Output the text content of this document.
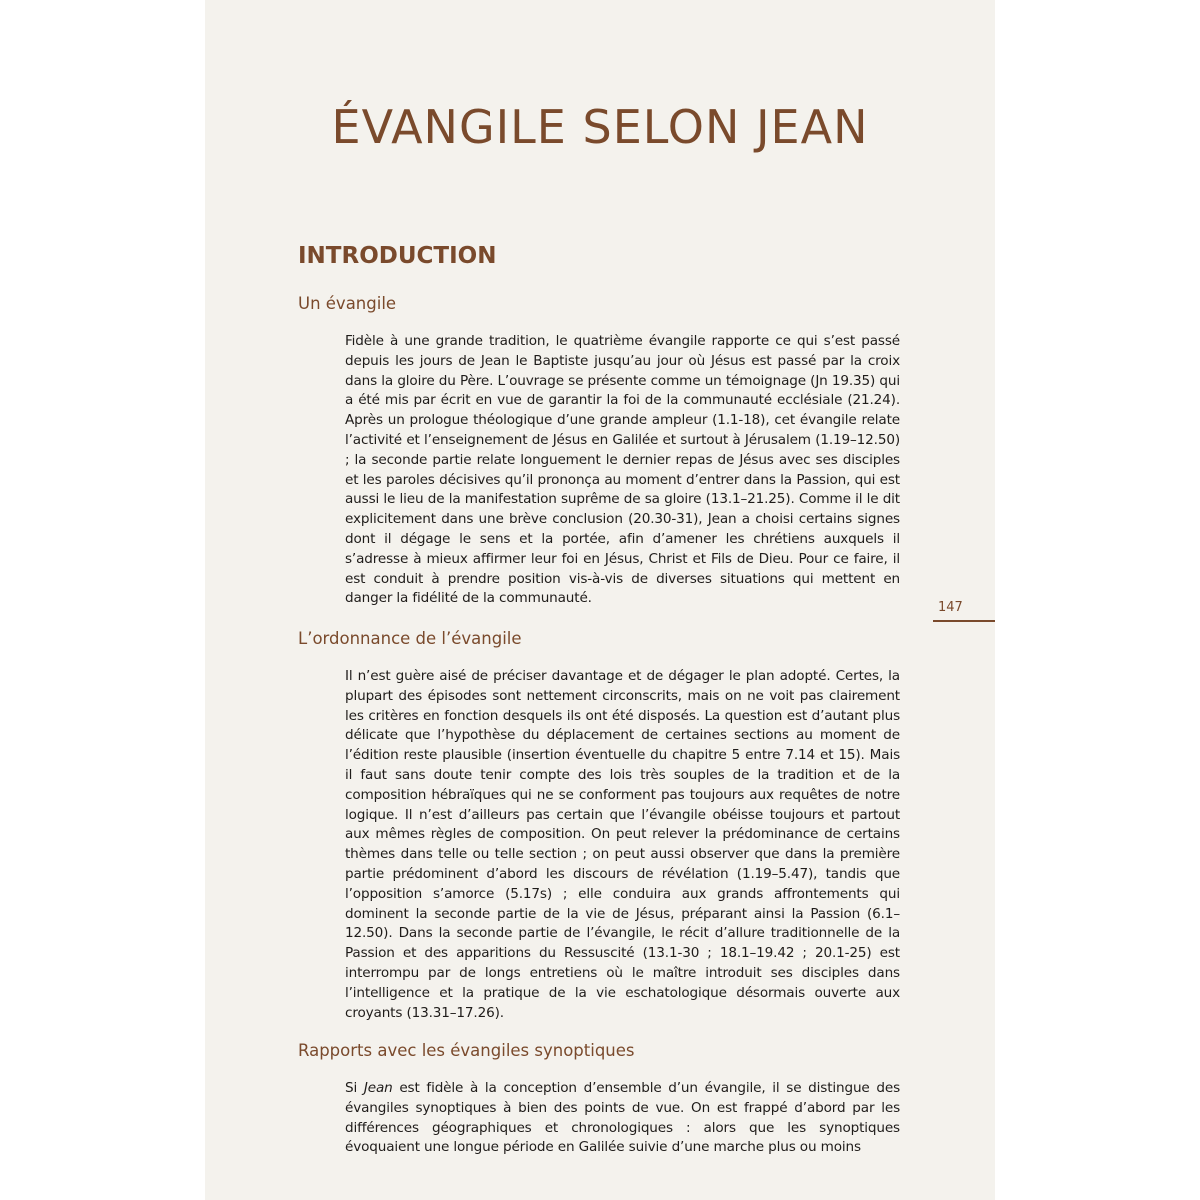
ÉVANGILE SELON JEAN
INTRODUCTION
Un évangile

Fidèle à une grande tradition, le quatrième évangile rapporte ce qui s’est passé depuis les jours de Jean le Baptiste jusqu’au jour où Jésus est passé par la croix dans la gloire du Père. L’ouvrage se présente comme un témoignage (Jn 19.35) qui a été mis par écrit en vue de garantir la foi de la communauté ecclésiale (21.24). Après un prologue théologique d’une grande ampleur (1.1-18), cet évangile relate l’activité et l’enseignement de Jésus en Galilée et surtout à Jérusalem (1.19–12.50) ; la seconde partie relate longuement le dernier repas de Jésus avec ses disciples et les paroles décisives qu’il prononça au moment d’entrer dans la Passion, qui est aussi le lieu de la manifestation suprême de sa gloire (13.1–21.25). Comme il le dit explicitement dans une brève conclusion (20.30-31), Jean a choisi certains signes dont il dégage le sens et la portée, afin d’amener les chrétiens auxquels il s’adresse à mieux affirmer leur foi en Jésus, Christ et Fils de Dieu. Pour ce faire, il est conduit à prendre position vis-à-vis de diverses situations qui mettent en danger la fidélité de la communauté.

147
L’ordonnance de l’évangile

Il n’est guère aisé de préciser davantage et de dégager le plan adopté. Certes, la plupart des épisodes sont nettement circonscrits, mais on ne voit pas clairement les critères en fonction desquels ils ont été disposés. La question est d’autant plus délicate que l’hypothèse du déplacement de certaines sections au moment de l’édition reste plausible (insertion éventuelle du chapitre 5 entre 7.14 et 15). Mais il faut sans doute tenir compte des lois très souples de la tradition et de la composition hébraïques qui ne se conforment pas toujours aux requêtes de notre logique. Il n’est d’ailleurs pas certain que l’évangile obéisse toujours et partout aux mêmes règles de composition. On peut relever la prédominance de certains thèmes dans telle ou telle section ; on peut aussi observer que dans la première partie prédominent d’abord les discours de révélation (1.19–5.47), tandis que l’opposition s’amorce (5.17s) ; elle conduira aux grands affrontements qui dominent la seconde partie de la vie de Jésus, préparant ainsi la Passion (6.1–12.50). Dans la seconde partie de l’évangile, le récit d’allure traditionnelle de la Passion et des apparitions du Ressuscité (13.1-30 ; 18.1–19.42 ; 20.1-25) est interrompu par de longs entretiens où le maître introduit ses disciples dans l’intelligence et la pratique de la vie eschatologique désormais ouverte aux croyants (13.31–17.26).

Rapports avec les évangiles synoptiques

Si Jean est fidèle à la conception d’ensemble d’un évangile, il se distingue des évangiles synoptiques à bien des points de vue. On est frappé d’abord par les différences géographiques et chronologiques : alors que les synoptiques évoquaient une longue période en Galilée suivie d’une marche plus ou moins
